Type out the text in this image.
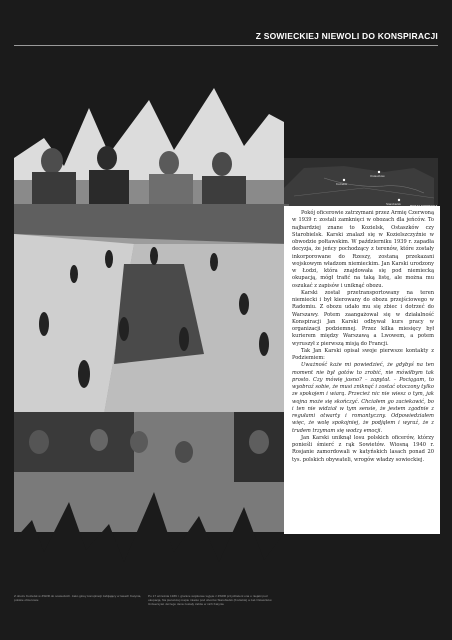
Z SOWIECKIEJ NIEWOLI DO KONSPIRACJI
Kozielsk
Starobielsk
Ostaszków

Pokój oficerowie zatrzymani przez Armię Czerwoną w 1939 r. zostali zamknięci w obozach dla jeńców. To najbardziej znane to Kozielsk, Ostaszków czy Starobielsk. Karski znalazł się w Kozielszczyźnie w obwodzie połtawskim. W październiku 1939 r. zapadła decyzja, że jeńcy pochodzący z terenów, które zostały inkorporowane do Rzeszy, zostaną przekazani wojskowym władzom niemieckim. Jan Karski urodzony w Łodzi, która znajdowała się pod niemiecką okupacją, mógł trafić na taką listę, ale można mu oszukać z zapisów i uniknąć obozu.

Karski został przetransportowany na teren niemiecki i był kierowany do obozu przejściowego w Radomiu. Z obozu udało mu się zbiec i dotrzeć do Warszawy. Potem zaangażował się w działalność Konspiracji Jan Karski odbywał kurs pracy w organizacji podziemnej. Przez kilka miesięcy był kurierem między Warszawą a Lwowem, a potem wyruszył z pierwszą misją do Francji.

Tak Jan Karski opisał swoje pierwsze kontakty z Podziemiem:

Uważność każe mi powiedzieć, że gdybyś na ten moment nie był gotów to zrobić, nie mówiłbym tak prosto. Czy mówię jasno? – zapytał. – Pociągam, to wyobraź sobie, że musi zniknąć i zostać otoczony tylko ze spokojem i wiarą. Przecież nic nie wiesz o tym, jak wojna może się skończyć. Chciałem go zaciekawić, bo i ten nie widział w tym sensie, że jestem zgodnie z regułami otwarty i romantyczny. Odpowiedziałem więc, że wolę spokojniej, że podjąłem i wyraź, że z trudem trzymam się wodzy emocji.

Jan Karski uniknął losu polskich oficerów, którzy ponieśli śmierć z rąk Sowietów. Wiosną 1940 r. Rosjanie zamordowali w katyńskich lasach ponad 20 tys. polskich obywateli, wrogów władzy sowieckiej.

Z obozu Kozielsk w ZSRR do sowieckich. Jako głosy konspiracji zabijający w lasach Katynia, polskie oficerowie
Po 17 września 1939 r. granice wojskowe wyjęte z ZSRR przydzieleni ona o niejaki pod okupacją. Na pierwszej mapie miasto pod obozów Starobielsk (Kozielsk) a zaś Ostaszków. Uniwersytet Jerzego Jana zostały zabite w nich Katynie
